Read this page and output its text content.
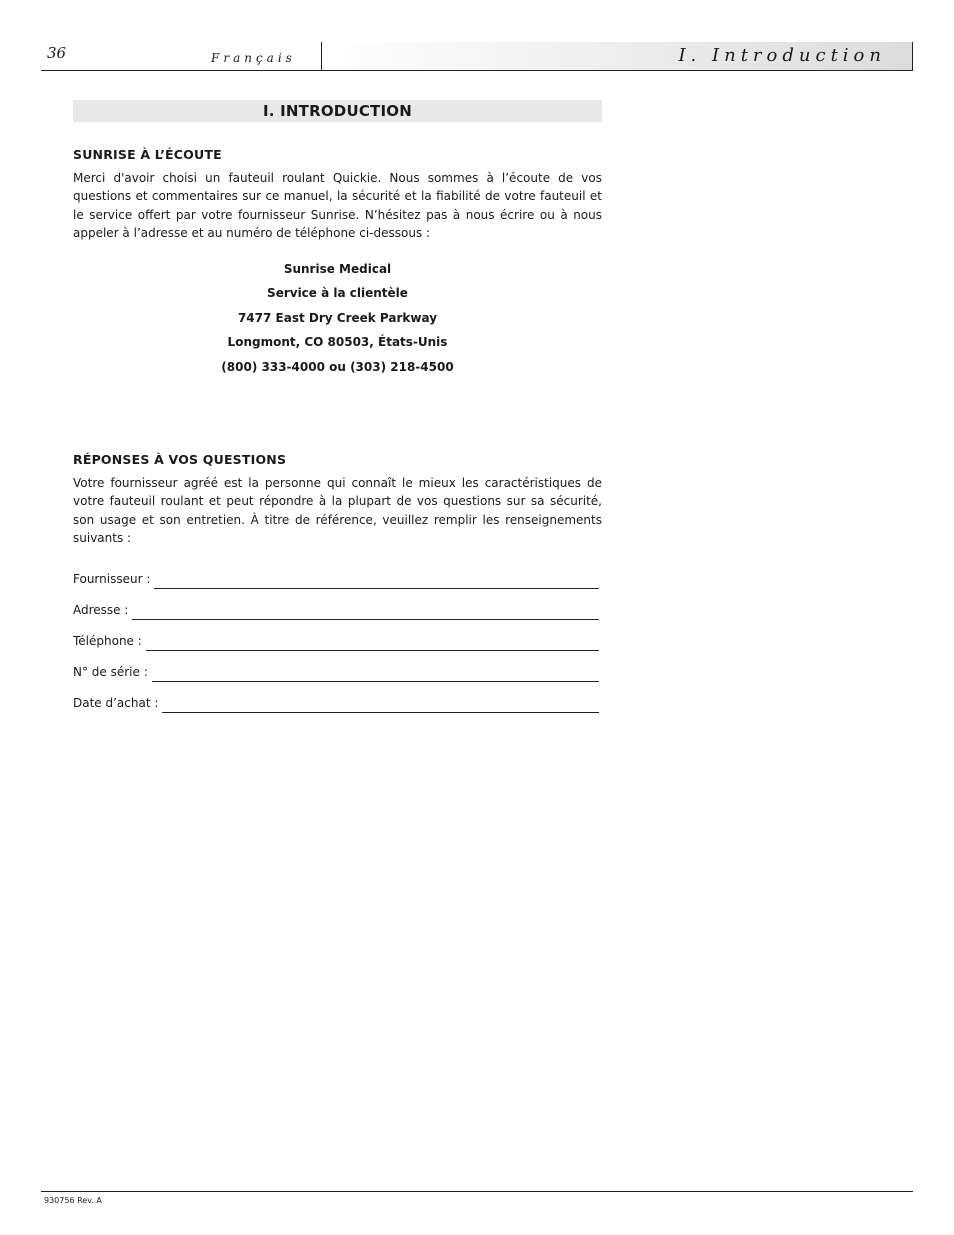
36	Français	I. Introduction
I. INTRODUCTION
SUNRISE À L’ÉCOUTE

Merci d'avoir choisi un fauteuil roulant Quickie. Nous sommes à l’écoute de vos questions et commentaires sur ce manuel, la sécurité et la fiabilité de votre fauteuil et le service offert par votre fournisseur Sunrise. N’hésitez pas à nous écrire ou à nous appeler à l’adresse et au numéro de téléphone ci-dessous :

Sunrise Medical
Service à la clientèle
7477 East Dry Creek Parkway
Longmont, CO 80503, États-Unis
(800) 333-4000 ou (303) 218-4500
RÉPONSES À VOS QUESTIONS

Votre fournisseur agréé est la personne qui connaît le mieux les caractéristiques de votre fauteuil roulant et peut répondre à la plupart de vos questions sur sa sécurité, son usage et son entretien. À titre de référence, veuillez remplir les renseignements suivants :

Fournisseur :
Adresse :
Téléphone :
N° de série :
Date d’achat :
930756 Rev. A
